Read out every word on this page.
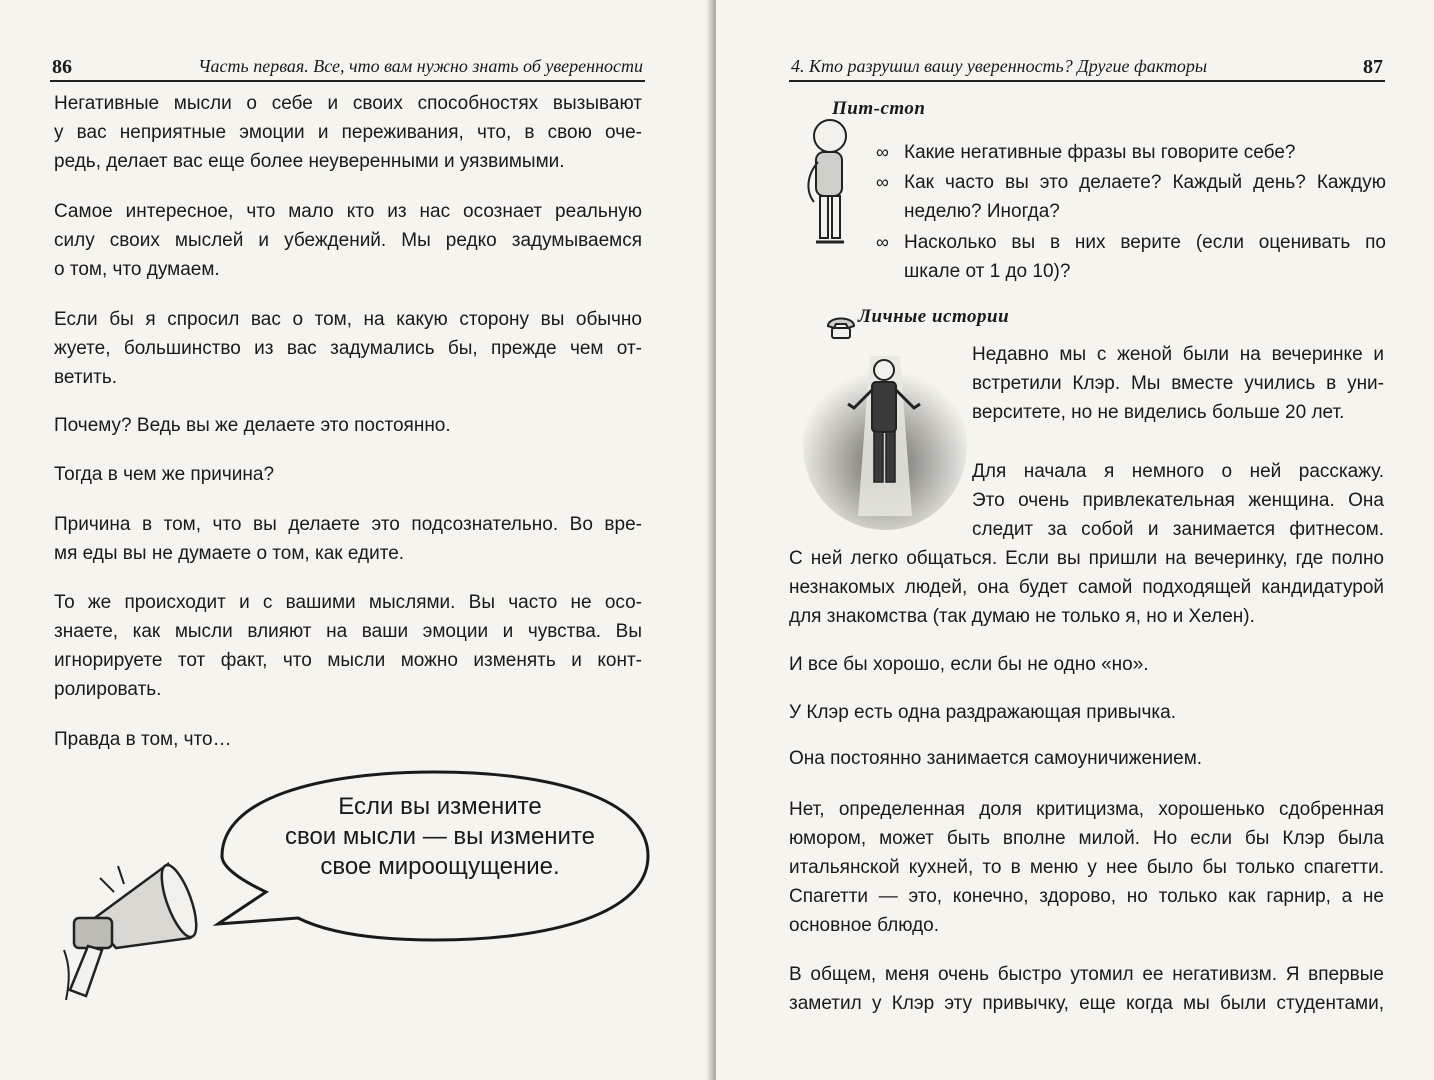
86	Часть первая. Все, что вам нужно знать об уверенности
Негативные мысли о себе и своих способностях вызывают
у вас неприятные эмоции и переживания, что, в свою оче-
редь, делает вас еще более неуверенными и уязвимыми.
Самое интересное, что мало кто из нас осознает реальную
силу своих мыслей и убеждений. Мы редко задумываемся
о том, что думаем.
Если бы я спросил вас о том, на какую сторону вы обычно
жуете, большинство из вас задумались бы, прежде чем от-
ветить.
Почему? Ведь вы же делаете это постоянно.
Тогда в чем же причина?
Причина в том, что вы делаете это подсознательно. Во вре-
мя еды вы не думаете о том, как едите.
То же происходит и с вашими мыслями. Вы часто не осо-
знаете, как мысли влияют на ваши эмоции и чувства. Вы
игнорируете тот факт, что мысли можно изменять и конт-
ролировать.
Правда в том, что…
Если вы измените
свои мысли — вы измените
свое мироощущение.
4. Кто разрушил вашу уверенность? Другие факторы	87
Пит-стоп
∞ Какие негативные фразы вы говорите себе?
∞ Как часто вы это делаете? Каждый день? Каждую
неделю? Иногда?
∞ Насколько вы в них верите (если оценивать по
шкале от 1 до 10)?
Личные истории
Недавно мы с женой были на вечеринке и
встретили Клэр. Мы вместе учились в уни-
верситете, но не виделись больше 20 лет.
Для начала я немного о ней расскажу.
Это очень привлекательная женщина. Она
следит за собой и занимается фитнесом.
С ней легко общаться. Если вы пришли на вечеринку, где полно
незнакомых людей, она будет самой подходящей кандидатурой
для знакомства (так думаю не только я, но и Хелен).
И все бы хорошо, если бы не одно «но».
У Клэр есть одна раздражающая привычка.
Она постоянно занимается самоуничижением.
Нет, определенная доля критицизма, хорошенько сдобренная
юмором, может быть вполне милой. Но если бы Клэр была
итальянской кухней, то в меню у нее было бы только спагетти.
Спагетти — это, конечно, здорово, но только как гарнир, а не
основное блюдо.
В общем, меня очень быстро утомил ее негативизм. Я впервые
заметил у Клэр эту привычку, еще когда мы были студентами,
